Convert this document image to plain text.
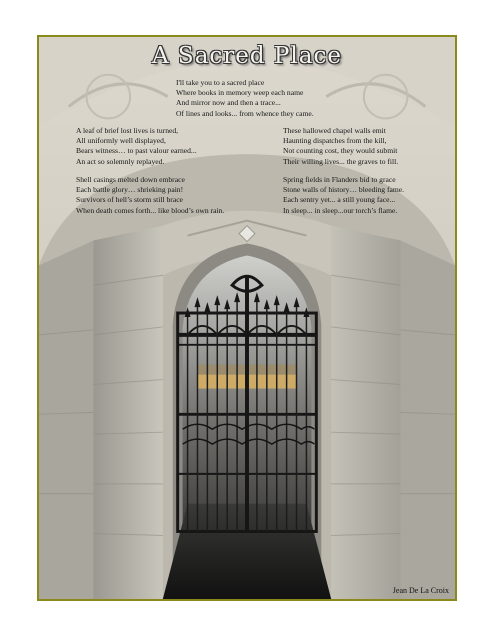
A Sacred Place
I'll take you to a sacred place
Where books in memory weep each name
And mirror now and then a trace...
Of lines and looks... from whence they came.
A leaf of brief lost lives is turned,
All uniformly well displayed,
Bears witness… to past valour earned...
An act so solemnly replayed.
Shell casings melted down embrace
Each battle glory… shrieking pain!
Survivors of hell’s storm still brace
When death comes forth... like blood’s own rain.
These hallowed chapel walls emit
Haunting dispatches from the kill,
Not counting cost, they would submit
Their willing lives... the graves to fill.
Spring fields in Flanders bid to grace
Stone walls of history… bleeding fame.
Each sentry yet... a still young face...
In sleep... in sleep...our torch’s flame.
Jean De La Croix
